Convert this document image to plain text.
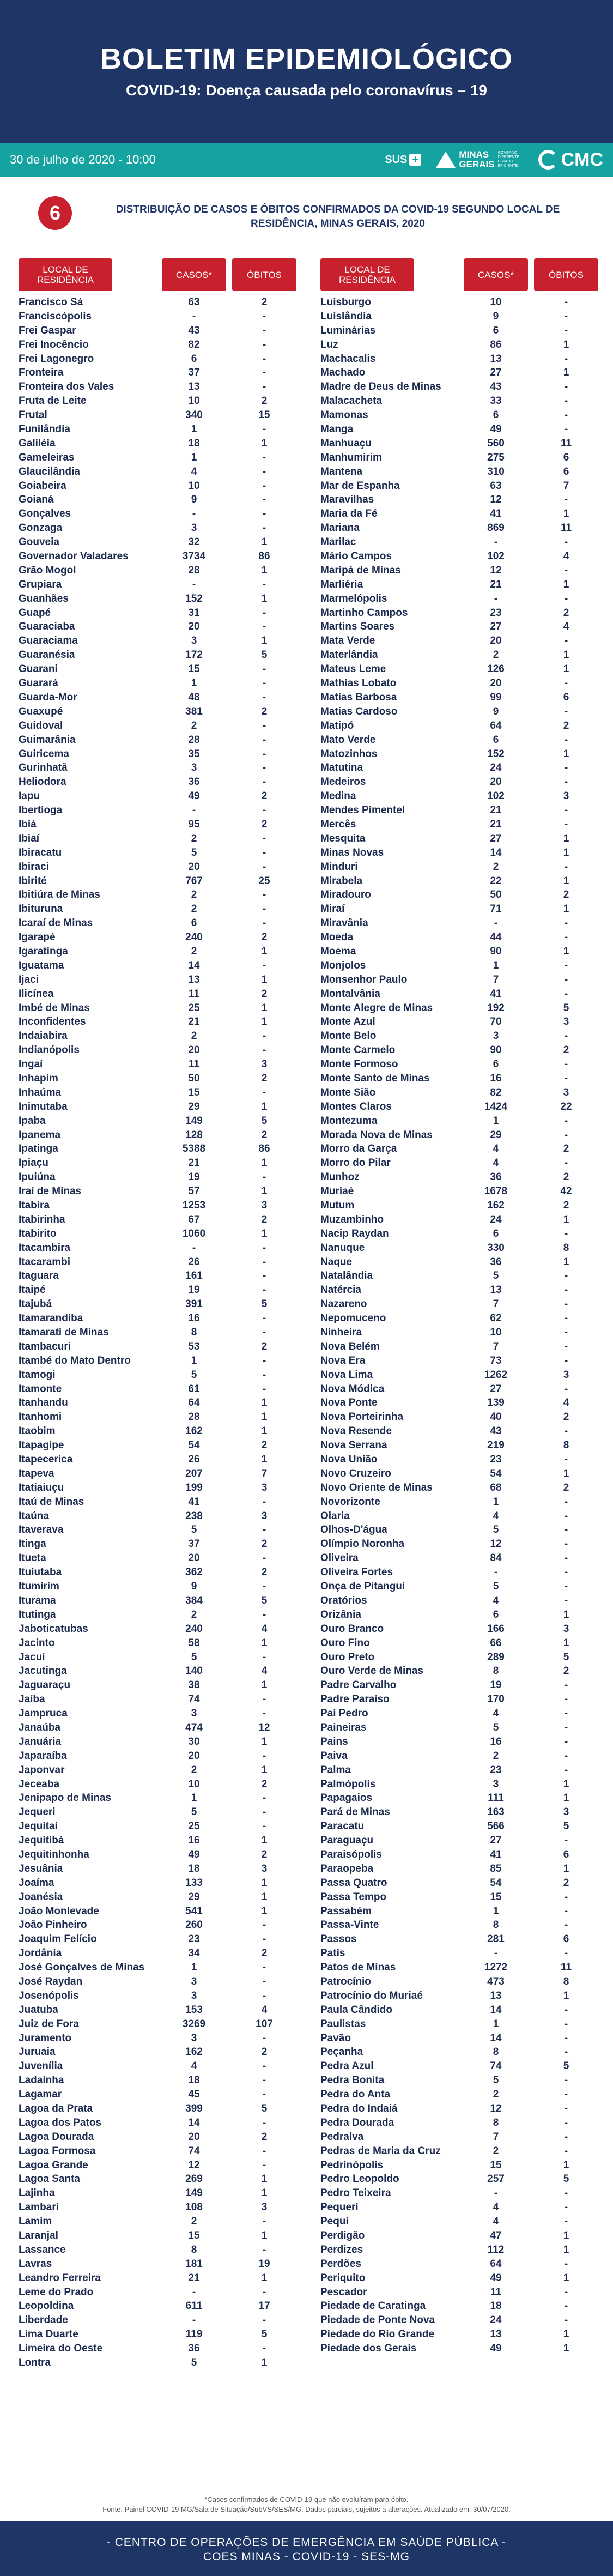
BOLETIM EPIDEMIOLÓGICO
COVID-19: Doença causada pelo coronavírus – 19
30 de julho de 2020 - 10:00	SUS +	MINAS
GERAIS
GOVERNO DIFERENTE. ESTADO EFICIENTE.	CMC
6	DISTRIBUIÇÃO DE CASOS E ÓBITOS CONFIRMADOS DA COVID-19 SEGUNDO LOCAL DE RESIDÊNCIA, MINAS GERAIS, 2020
LOCAL DE RESIDÊNCIA	CASOS*	ÓBITOS
Francisco Sá	63	2
Franciscópolis	-	-
Frei Gaspar	43	-
Frei Inocêncio	82	-
Frei Lagonegro	6	-
Fronteira	37	-
Fronteira dos Vales	13	-
Fruta de Leite	10	2
Frutal	340	15
Funilândia	1	-
Galiléia	18	1
Gameleiras	1	-
Glaucilândia	4	-
Goiabeira	10	-
Goianá	9	-
Gonçalves	-	-
Gonzaga	3	-
Gouveia	32	1
Governador Valadares	3734	86
Grão Mogol	28	1
Grupiara	-	-
Guanhães	152	1
Guapé	31	-
Guaraciaba	20	-
Guaraciama	3	1
Guaranésia	172	5
Guarani	15	-
Guarará	1	-
Guarda-Mor	48	-
Guaxupé	381	2
Guidoval	2	-
Guimarânia	28	-
Guiricema	35	-
Gurinhatã	3	-
Heliodora	36	-
Iapu	49	2
Ibertioga	-	-
Ibiá	95	2
Ibiaí	2	-
Ibiracatu	5	-
Ibiraci	20	-
Ibirité	767	25
Ibitiúra de Minas	2	-
Ibituruna	2	-
Icaraí de Minas	6	-
Igarapé	240	2
Igaratinga	2	1
Iguatama	14	-
Ijaci	13	1
Ilicínea	11	2
Imbé de Minas	25	1
Inconfidentes	21	1
Indaiabira	2	-
Indianópolis	20	-
Ingaí	11	3
Inhapim	50	2
Inhaúma	15	-
Inimutaba	29	1
Ipaba	149	5
Ipanema	128	2
Ipatinga	5388	86
Ipiaçu	21	1
Ipuiúna	19	-
Iraí de Minas	57	1
Itabira	1253	3
Itabirinha	67	2
Itabirito	1060	1
Itacambira	-	-
Itacarambi	26	-
Itaguara	161	-
Itaipé	19	-
Itajubá	391	5
Itamarandiba	16	-
Itamarati de Minas	8	-
Itambacuri	53	2
Itambé do Mato Dentro	1	-
Itamogi	5	-
Itamonte	61	-
Itanhandu	64	1
Itanhomi	28	1
Itaobim	162	1
Itapagipe	54	2
Itapecerica	26	1
Itapeva	207	7
Itatiaiuçu	199	3
Itaú de Minas	41	-
Itaúna	238	3
Itaverava	5	-
Itinga	37	2
Itueta	20	-
Ituiutaba	362	2
Itumirim	9	-
Iturama	384	5
Itutinga	2	-
Jaboticatubas	240	4
Jacinto	58	1
Jacuí	5	-
Jacutinga	140	4
Jaguaraçu	38	1
Jaíba	74	-
Jampruca	3	-
Janaúba	474	12
Januária	30	1
Japaraíba	20	-
Japonvar	2	1
Jeceaba	10	2
Jenipapo de Minas	1	-
Jequeri	5	-
Jequitaí	25	-
Jequitibá	16	1
Jequitinhonha	49	2
Jesuânia	18	3
Joaíma	133	1
Joanésia	29	1
João Monlevade	541	1
João Pinheiro	260	-
Joaquim Felício	23	-
Jordânia	34	2
José Gonçalves de Minas	1	-
José Raydan	3	-
Josenópolis	3	-
Juatuba	153	4
Juiz de Fora	3269	107
Juramento	3	-
Juruaia	162	2
Juvenília	4	-
Ladainha	18	-
Lagamar	45	-
Lagoa da Prata	399	5
Lagoa dos Patos	14	-
Lagoa Dourada	20	2
Lagoa Formosa	74	-
Lagoa Grande	12	-
Lagoa Santa	269	1
Lajinha	149	1
Lambari	108	3
Lamim	2	-
Laranjal	15	1
Lassance	8	-
Lavras	181	19
Leandro Ferreira	21	1
Leme do Prado	-	-
Leopoldina	611	17
Liberdade	-	-
Lima Duarte	119	5
Limeira do Oeste	36	-
Lontra	5	1
LOCAL DE RESIDÊNCIA	CASOS*	ÓBITOS
Luisburgo	10	-
Luislândia	9	-
Luminárias	6	-
Luz	86	1
Machacalis	13	-
Machado	27	1
Madre de Deus de Minas	43	-
Malacacheta	33	-
Mamonas	6	-
Manga	49	-
Manhuaçu	560	11
Manhumirim	275	6
Mantena	310	6
Mar de Espanha	63	7
Maravilhas	12	-
Maria da Fé	41	1
Mariana	869	11
Marilac	-	-
Mário Campos	102	4
Maripá de Minas	12	-
Marliéria	21	1
Marmelópolis	-	-
Martinho Campos	23	2
Martins Soares	27	4
Mata Verde	20	-
Materlândia	2	1
Mateus Leme	126	1
Mathias Lobato	20	-
Matias Barbosa	99	6
Matias Cardoso	9	-
Matipó	64	2
Mato Verde	6	-
Matozinhos	152	1
Matutina	24	-
Medeiros	20	-
Medina	102	3
Mendes Pimentel	21	-
Mercês	21	-
Mesquita	27	1
Minas Novas	14	1
Minduri	2	-
Mirabela	22	1
Miradouro	50	2
Miraí	71	1
Miravânia	-	-
Moeda	44	-
Moema	90	1
Monjolos	1	-
Monsenhor Paulo	7	-
Montalvânia	41	-
Monte Alegre de Minas	192	5
Monte Azul	70	3
Monte Belo	3	-
Monte Carmelo	90	2
Monte Formoso	6	-
Monte Santo de Minas	16	-
Monte Sião	82	3
Montes Claros	1424	22
Montezuma	1	-
Morada Nova de Minas	29	-
Morro da Garça	4	2
Morro do Pilar	4	-
Munhoz	36	2
Muriaé	1678	42
Mutum	162	2
Muzambinho	24	1
Nacip Raydan	6	-
Nanuque	330	8
Naque	36	1
Natalândia	5	-
Natércia	13	-
Nazareno	7	-
Nepomuceno	62	-
Ninheira	10	-
Nova Belém	7	-
Nova Era	73	-
Nova Lima	1262	3
Nova Módica	27	-
Nova Ponte	139	4
Nova Porteirinha	40	2
Nova Resende	43	-
Nova Serrana	219	8
Nova União	23	-
Novo Cruzeiro	54	1
Novo Oriente de Minas	68	2
Novorizonte	1	-
Olaria	4	-
Olhos-D'água	5	-
Olímpio Noronha	12	-
Oliveira	84	-
Oliveira Fortes	-	-
Onça de Pitangui	5	-
Oratórios	4	-
Orizânia	6	1
Ouro Branco	166	3
Ouro Fino	66	1
Ouro Preto	289	5
Ouro Verde de Minas	8	2
Padre Carvalho	19	-
Padre Paraíso	170	-
Pai Pedro	4	-
Paineiras	5	-
Pains	16	-
Paiva	2	-
Palma	23	-
Palmópolis	3	1
Papagaios	111	1
Pará de Minas	163	3
Paracatu	566	5
Paraguaçu	27	-
Paraisópolis	41	6
Paraopeba	85	1
Passa Quatro	54	2
Passa Tempo	15	-
Passabém	1	-
Passa-Vinte	8	-
Passos	281	6
Patis	-	-
Patos de Minas	1272	11
Patrocínio	473	8
Patrocínio do Muriaé	13	1
Paula Cândido	14	-
Paulistas	1	-
Pavão	14	-
Peçanha	8	-
Pedra Azul	74	5
Pedra Bonita	5	-
Pedra do Anta	2	-
Pedra do Indaiá	12	-
Pedra Dourada	8	-
Pedralva	7	-
Pedras de Maria da Cruz	2	-
Pedrinópolis	15	1
Pedro Leopoldo	257	5
Pedro Teixeira	-	-
Pequeri	4	-
Pequi	4	-
Perdigão	47	1
Perdizes	112	1
Perdões	64	-
Periquito	49	1
Pescador	11	-
Piedade de Caratinga	18	-
Piedade de Ponte Nova	24	-
Piedade do Rio Grande	13	1
Piedade dos Gerais	49	1
*Casos confirmados de COVID-19 que não evoluíram para óbito.
Fonte: Painel COVID-19 MG/Sala de Situação/SubVS/SES/MG. Dados parciais, sujeitos a alterações. Atualizado em: 30/07/2020.
- CENTRO DE OPERAÇÕES DE EMERGÊNCIA EM SAÚDE PÚBLICA -
COES MINAS - COVID-19 - SES-MG
